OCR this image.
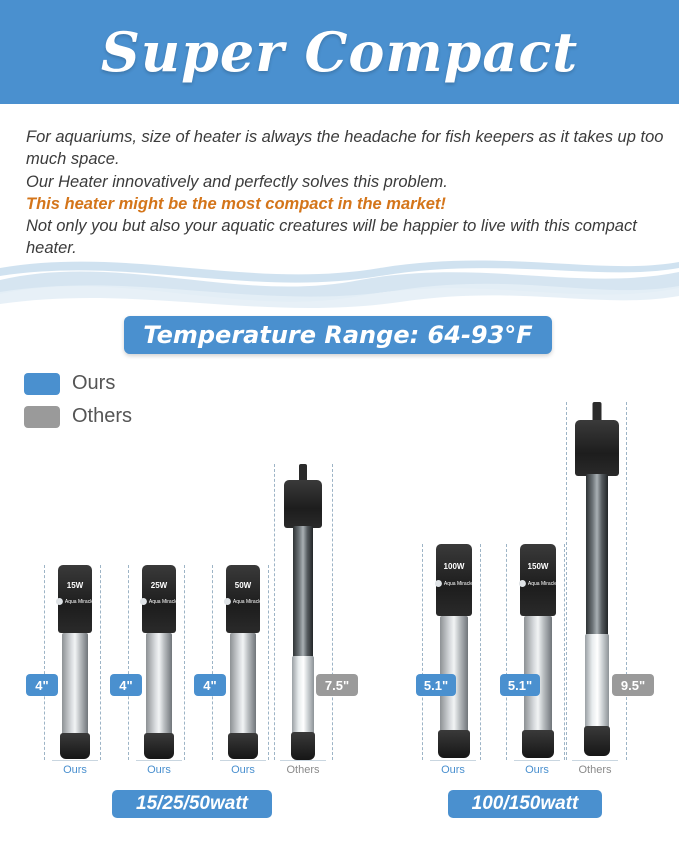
Super Compact

For aquariums, size of heater is always the headache for fish keepers as it takes up too much space.

Our Heater innovatively and perfectly solves this problem.

This heater might be the most compact in the market!

Not only you but also your aquatic creatures will be happier to live with this compact heater.

Temperature Range: 64-93°F
Ours
Others
15W
Aqua Miracle
4"
Ours
25W
Aqua Miracle
4"
Ours
50W
Aqua Miracle
4"
Ours
7.5"
Others
15/25/50watt
100W
Aqua Miracle
5.1"
Ours
150W
Aqua Miracle
5.1"
Ours
9.5"
Others
100/150watt
